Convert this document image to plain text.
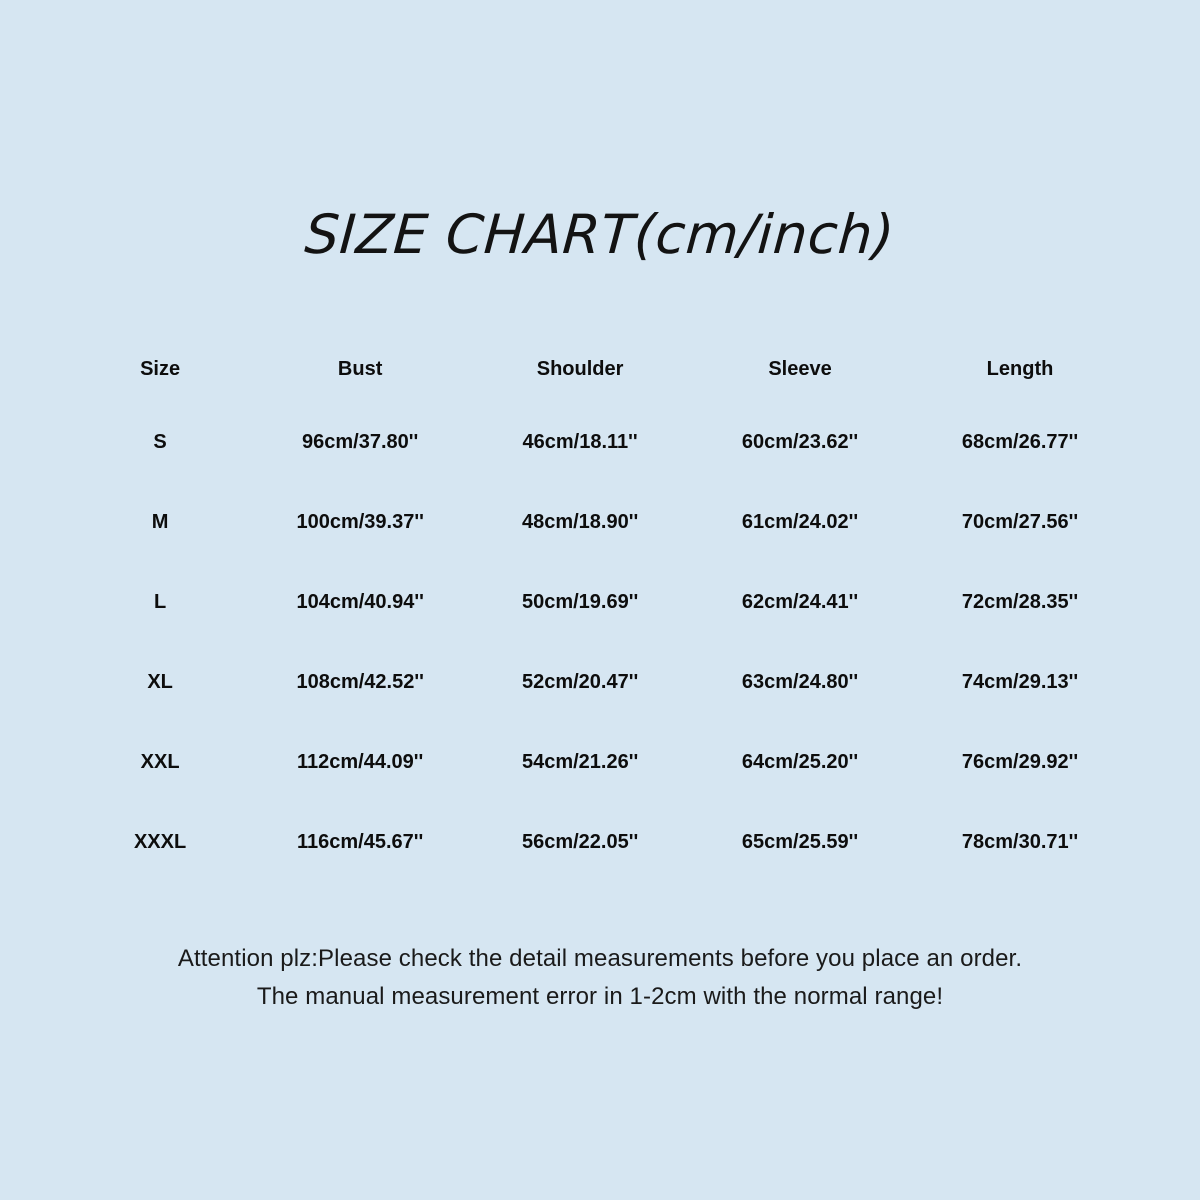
SIZE CHART(cm/inch)
Size	Bust	Shoulder	Sleeve	Length
S	96cm/37.80''	46cm/18.11''	60cm/23.62''	68cm/26.77''
M	100cm/39.37''	48cm/18.90''	61cm/24.02''	70cm/27.56''
L	104cm/40.94''	50cm/19.69''	62cm/24.41''	72cm/28.35''
XL	108cm/42.52''	52cm/20.47''	63cm/24.80''	74cm/29.13''
XXL	112cm/44.09''	54cm/21.26''	64cm/25.20''	76cm/29.92''
XXXL	116cm/45.67''	56cm/22.05''	65cm/25.59''	78cm/30.71''
Attention plz:Please check the detail measurements before you place an order.
The manual measurement error in 1-2cm with the normal range!
